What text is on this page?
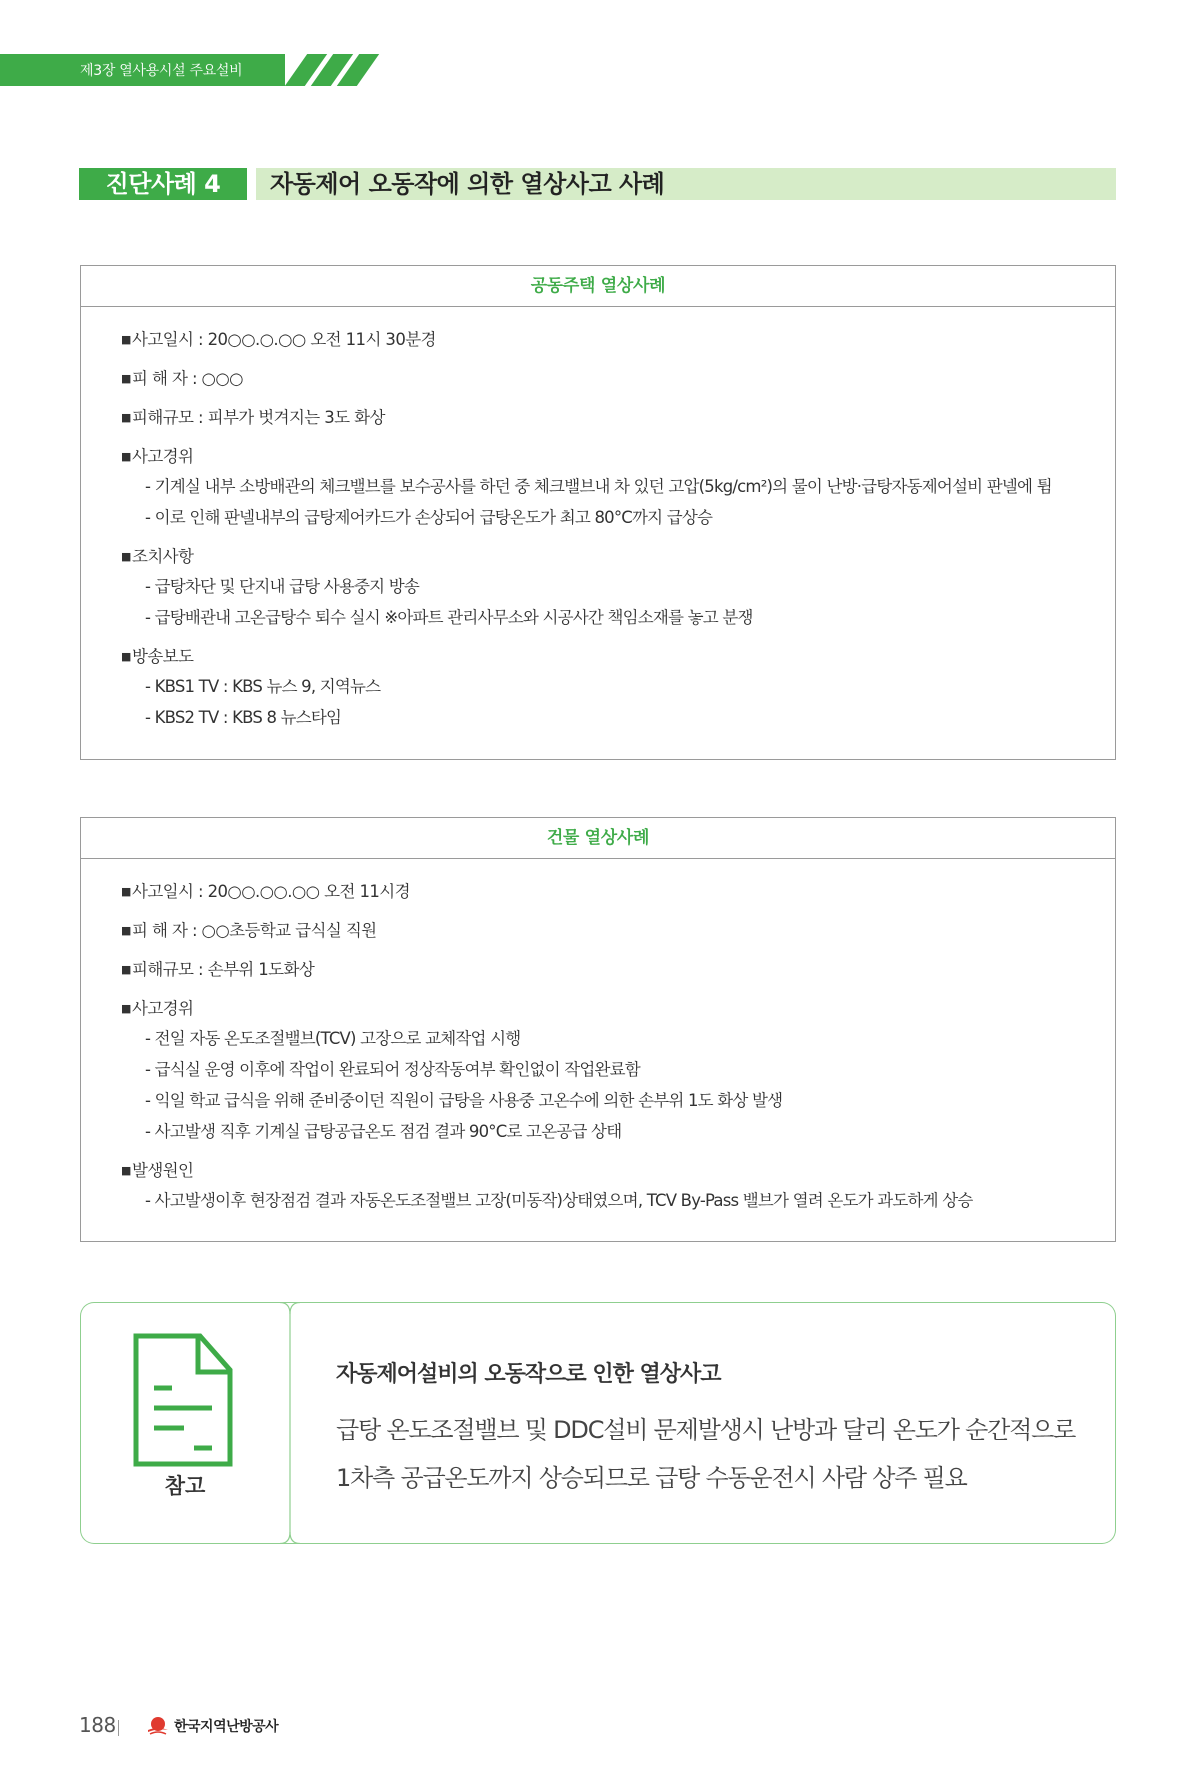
제3장 열사용시설 주요설비
진단사례 4	자동제어 오동작에 의한 열상사고 사례
공동주택 열상사례
■사고일시 : 20○○.○.○○ 오전 11시 30분경
■피 해 자 : ○○○
■피해규모 : 피부가 벗겨지는 3도 화상
■사고경위
- 기계실 내부 소방배관의 체크밸브를 보수공사를 하던 중 체크밸브내 차 있던 고압(5kg/cm²)의 물이 난방·급탕자동제어설비 판넬에 튐
- 이로 인해 판넬내부의 급탕제어카드가 손상되어 급탕온도가 최고 80°C까지 급상승
■조치사항
- 급탕차단 및 단지내 급탕 사용중지 방송
- 급탕배관내 고온급탕수 퇴수 실시 ※아파트 관리사무소와 시공사간 책임소재를 놓고 분쟁
■방송보도
- KBS1 TV : KBS 뉴스 9, 지역뉴스
- KBS2 TV : KBS 8 뉴스타임
건물 열상사례
■사고일시 : 20○○.○○.○○ 오전 11시경
■피 해 자 : ○○초등학교 급식실 직원
■피해규모 : 손부위 1도화상
■사고경위
- 전일 자동 온도조절밸브(TCV) 고장으로 교체작업 시행
- 급식실 운영 이후에 작업이 완료되어 정상작동여부 확인없이 작업완료함
- 익일 학교 급식을 위해 준비중이던 직원이 급탕을 사용중 고온수에 의한 손부위 1도 화상 발생
- 사고발생 직후 기계실 급탕공급온도 점검 결과 90°C로 고온공급 상태
■발생원인
- 사고발생이후 현장점검 결과 자동온도조절밸브 고장(미동작)상태였으며, TCV By-Pass 밸브가 열려 온도가 과도하게 상승
참고
자동제어설비의 오동작으로 인한 열상사고
급탕 온도조절밸브 및 DDC설비 문제발생시 난방과 달리 온도가 순간적으로
1차측 공급온도까지 상승되므로 급탕 수동운전시 사람 상주 필요
188	한국지역난방공사
